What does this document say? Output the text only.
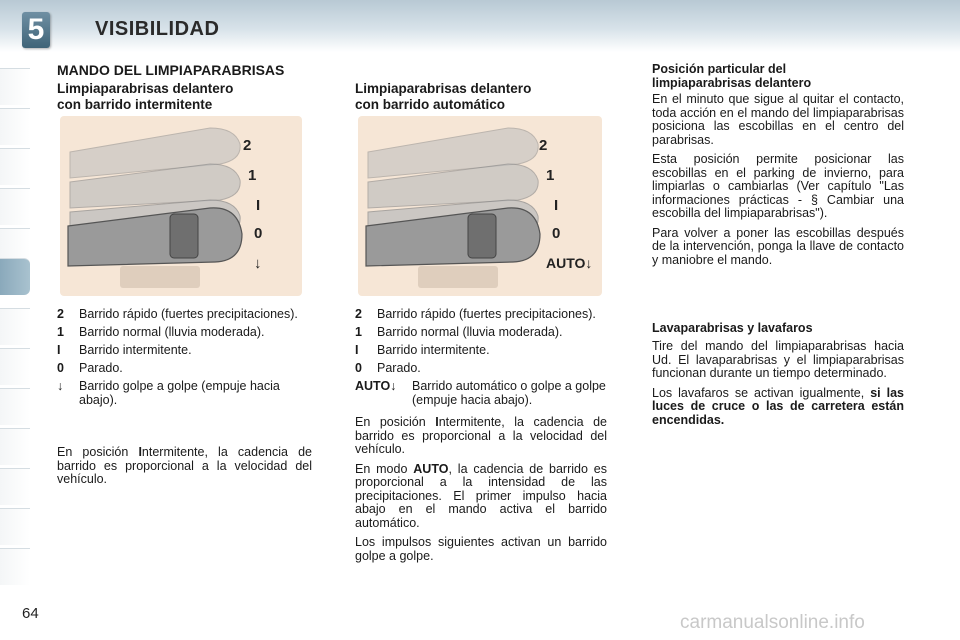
5	VISIBILIDAD
MANDO DEL LIMPIAPARABRISAS
Limpiaparabrisas delantero
con barrido intermitente
2
1
I
0
↓
2	Barrido rápido (fuertes precipitaciones).
1	Barrido normal (lluvia moderada).
I	Barrido intermitente.
0	Parado.
↓	Barrido golpe a golpe (empuje hacia abajo).

En posición Intermitente, la cadencia de barrido es proporcional a la velocidad del vehículo.

Limpiaparabrisas delantero
con barrido automático
2
1
I
0
AUTO↓
2	Barrido rápido (fuertes precipitaciones).
1	Barrido normal (lluvia moderada).
I	Barrido intermitente.
0	Parado.
AUTO↓	Barrido automático o golpe a golpe (empuje hacia abajo).

En posición Intermitente, la cadencia de barrido es proporcional a la velocidad del vehículo.

En modo AUTO, la cadencia de barrido es proporcional a la intensidad de las precipitaciones. El primer impulso hacia abajo en el mando activa el barrido automático.

Los impulsos siguientes activan un barrido golpe a golpe.

Posición particular del
limpiaparabrisas delantero

En el minuto que sigue al quitar el contacto, toda acción en el mando del limpiaparabrisas posiciona las escobillas en el centro del parabrisas.

Esta posición permite posicionar las escobillas en el parking de invierno, para limpiarlas o cambiarlas (Ver capítulo "Las informaciones prácticas - § Cambiar una escobilla del limpiaparabrisas").

Para volver a poner las escobillas después de la intervención, ponga la llave de contacto y maniobre el mando.

Lavaparabrisas y lavafaros

Tire del mando del limpiaparabrisas hacia Ud. El lavaparabrisas y el limpiaparabrisas funcionan durante un tiempo determinado.

Los lavafaros se activan igualmente, si las luces de cruce o las de carretera están encendidas.

64	carmanualsonline.info
